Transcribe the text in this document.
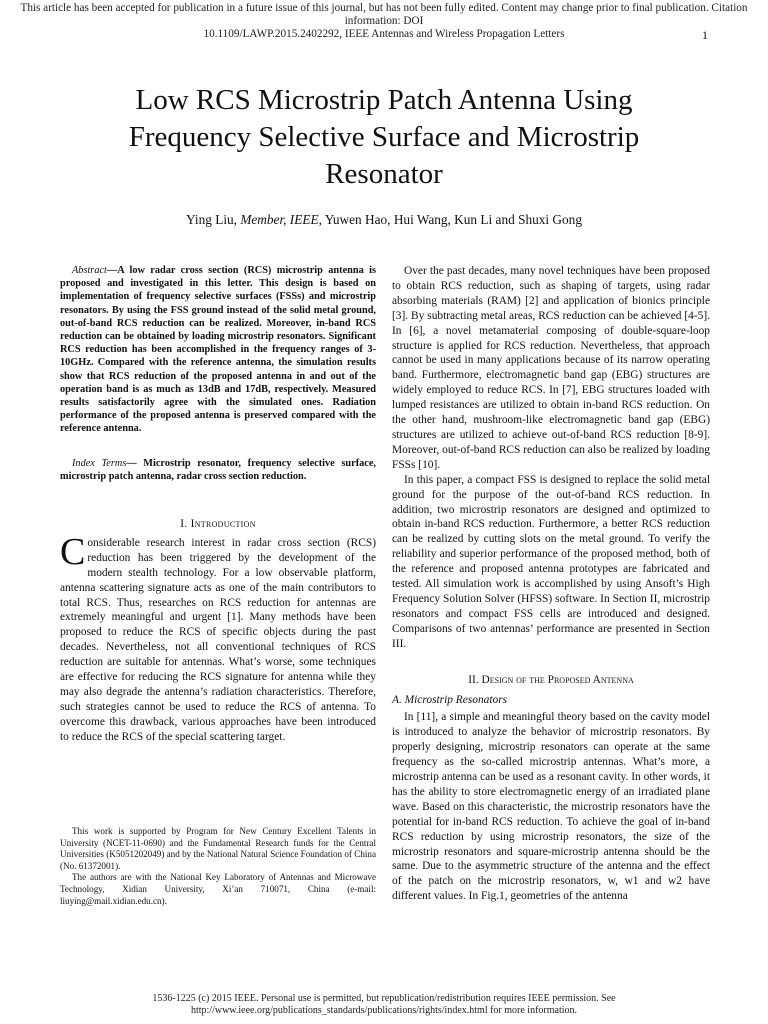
This article has been accepted for publication in a future issue of this journal, but has not been fully edited. Content may change prior to final publication. Citation information: DOI
10.1109/LAWP.2015.2402292, IEEE Antennas and Wireless Propagation Letters	1
Low RCS Microstrip Patch Antenna Using
Frequency Selective Surface and Microstrip
Resonator
Ying Liu, Member, IEEE, Yuwen Hao, Hui Wang, Kun Li and Shuxi Gong

Abstract—A low radar cross section (RCS) microstrip antenna is proposed and investigated in this letter. This design is based on implementation of frequency selective surfaces (FSSs) and microstrip resonators. By using the FSS ground instead of the solid metal ground, out-of-band RCS reduction can be realized. Moreover, in-band RCS reduction can be obtained by loading microstrip resonators. Significant RCS reduction has been accomplished in the frequency ranges of 3-10GHz. Compared with the reference antenna, the simulation results show that RCS reduction of the proposed antenna in and out of the operation band is as much as 13dB and 17dB, respectively. Measured results satisfactorily agree with the simulated ones. Radiation performance of the proposed antenna is preserved compared with the reference antenna.

Index Terms— Microstrip resonator, frequency selective surface, microstrip patch antenna, radar cross section reduction.

I. Introduction

Considerable research interest in radar cross section (RCS) reduction has been triggered by the development of the modern stealth technology. For a low observable platform, antenna scattering signature acts as one of the main contributors to total RCS. Thus, researches on RCS reduction for antennas are extremely meaningful and urgent [1]. Many methods have been proposed to reduce the RCS of specific objects during the past decades. Nevertheless, not all conventional techniques of RCS reduction are suitable for antennas. What’s worse, some techniques are effective for reducing the RCS signature for antenna while they may also degrade the antenna’s radiation characteristics. Therefore, such strategies cannot be used to reduce the RCS of antenna. To overcome this drawback, various approaches have been introduced to reduce the RCS of the special scattering target.

This work is supported by Program for New Century Excellent Talents in University (NCET-11-0690) and the Fundamental Research funds for the Central Universities (K5051202049) and by the National Natural Science Foundation of China (No. 61372001).

The authors are with the National Key Laboratory of Antennas and Microwave Technology, Xidian University, Xi’an 710071, China (e-mail: liuying@mail.xidian.edu.cn).

Over the past decades, many novel techniques have been proposed to obtain RCS reduction, such as shaping of targets, using radar absorbing materials (RAM) [2] and application of bionics principle [3]. By subtracting metal areas, RCS reduction can be achieved [4-5]. In [6], a novel metamaterial composing of double-square-loop structure is applied for RCS reduction. Nevertheless, that approach cannot be used in many applications because of its narrow operating band. Furthermore, electromagnetic band gap (EBG) structures are widely employed to reduce RCS. In [7], EBG structures loaded with lumped resistances are utilized to obtain in-band RCS reduction. On the other hand, mushroom-like electromagnetic band gap (EBG) structures are utilized to achieve out-of-band RCS reduction [8-9]. Moreover, out-of-band RCS reduction can also be realized by loading FSSs [10].

In this paper, a compact FSS is designed to replace the solid metal ground for the purpose of the out-of-band RCS reduction. In addition, two microstrip resonators are designed and optimized to obtain in-band RCS reduction. Furthermore, a better RCS reduction can be realized by cutting slots on the metal ground. To verify the reliability and superior performance of the proposed method, both of the reference and proposed antenna prototypes are fabricated and tested. All simulation work is accomplished by using Ansoft’s High Frequency Solution Solver (HFSS) software. In Section II, microstrip resonators and compact FSS cells are introduced and designed. Comparisons of two antennas’ performance are presented in Section III.

II. Design of the Proposed Antenna
A. Microstrip Resonators

In [11], a simple and meaningful theory based on the cavity model is introduced to analyze the behavior of microstrip resonators. By properly designing, microstrip resonators can operate at the same frequency as the so-called microstrip antennas. What’s more, a microstrip antenna can be used as a resonant cavity. In other words, it has the ability to store electromagnetic energy of an irradiated plane wave. Based on this characteristic, the microstrip resonators have the potential for in-band RCS reduction. To achieve the goal of in-band RCS reduction by using microstrip resonators, the size of the microstrip resonators and square-microstrip antenna should be the same. Due to the asymmetric structure of the antenna and the effect of the patch on the microstrip resonators, w, w1 and w2 have different values. In Fig.1, geometries of the antenna

1536-1225 (c) 2015 IEEE. Personal use is permitted, but republication/redistribution requires IEEE permission. See
http://www.ieee.org/publications_standards/publications/rights/index.html for more information.
